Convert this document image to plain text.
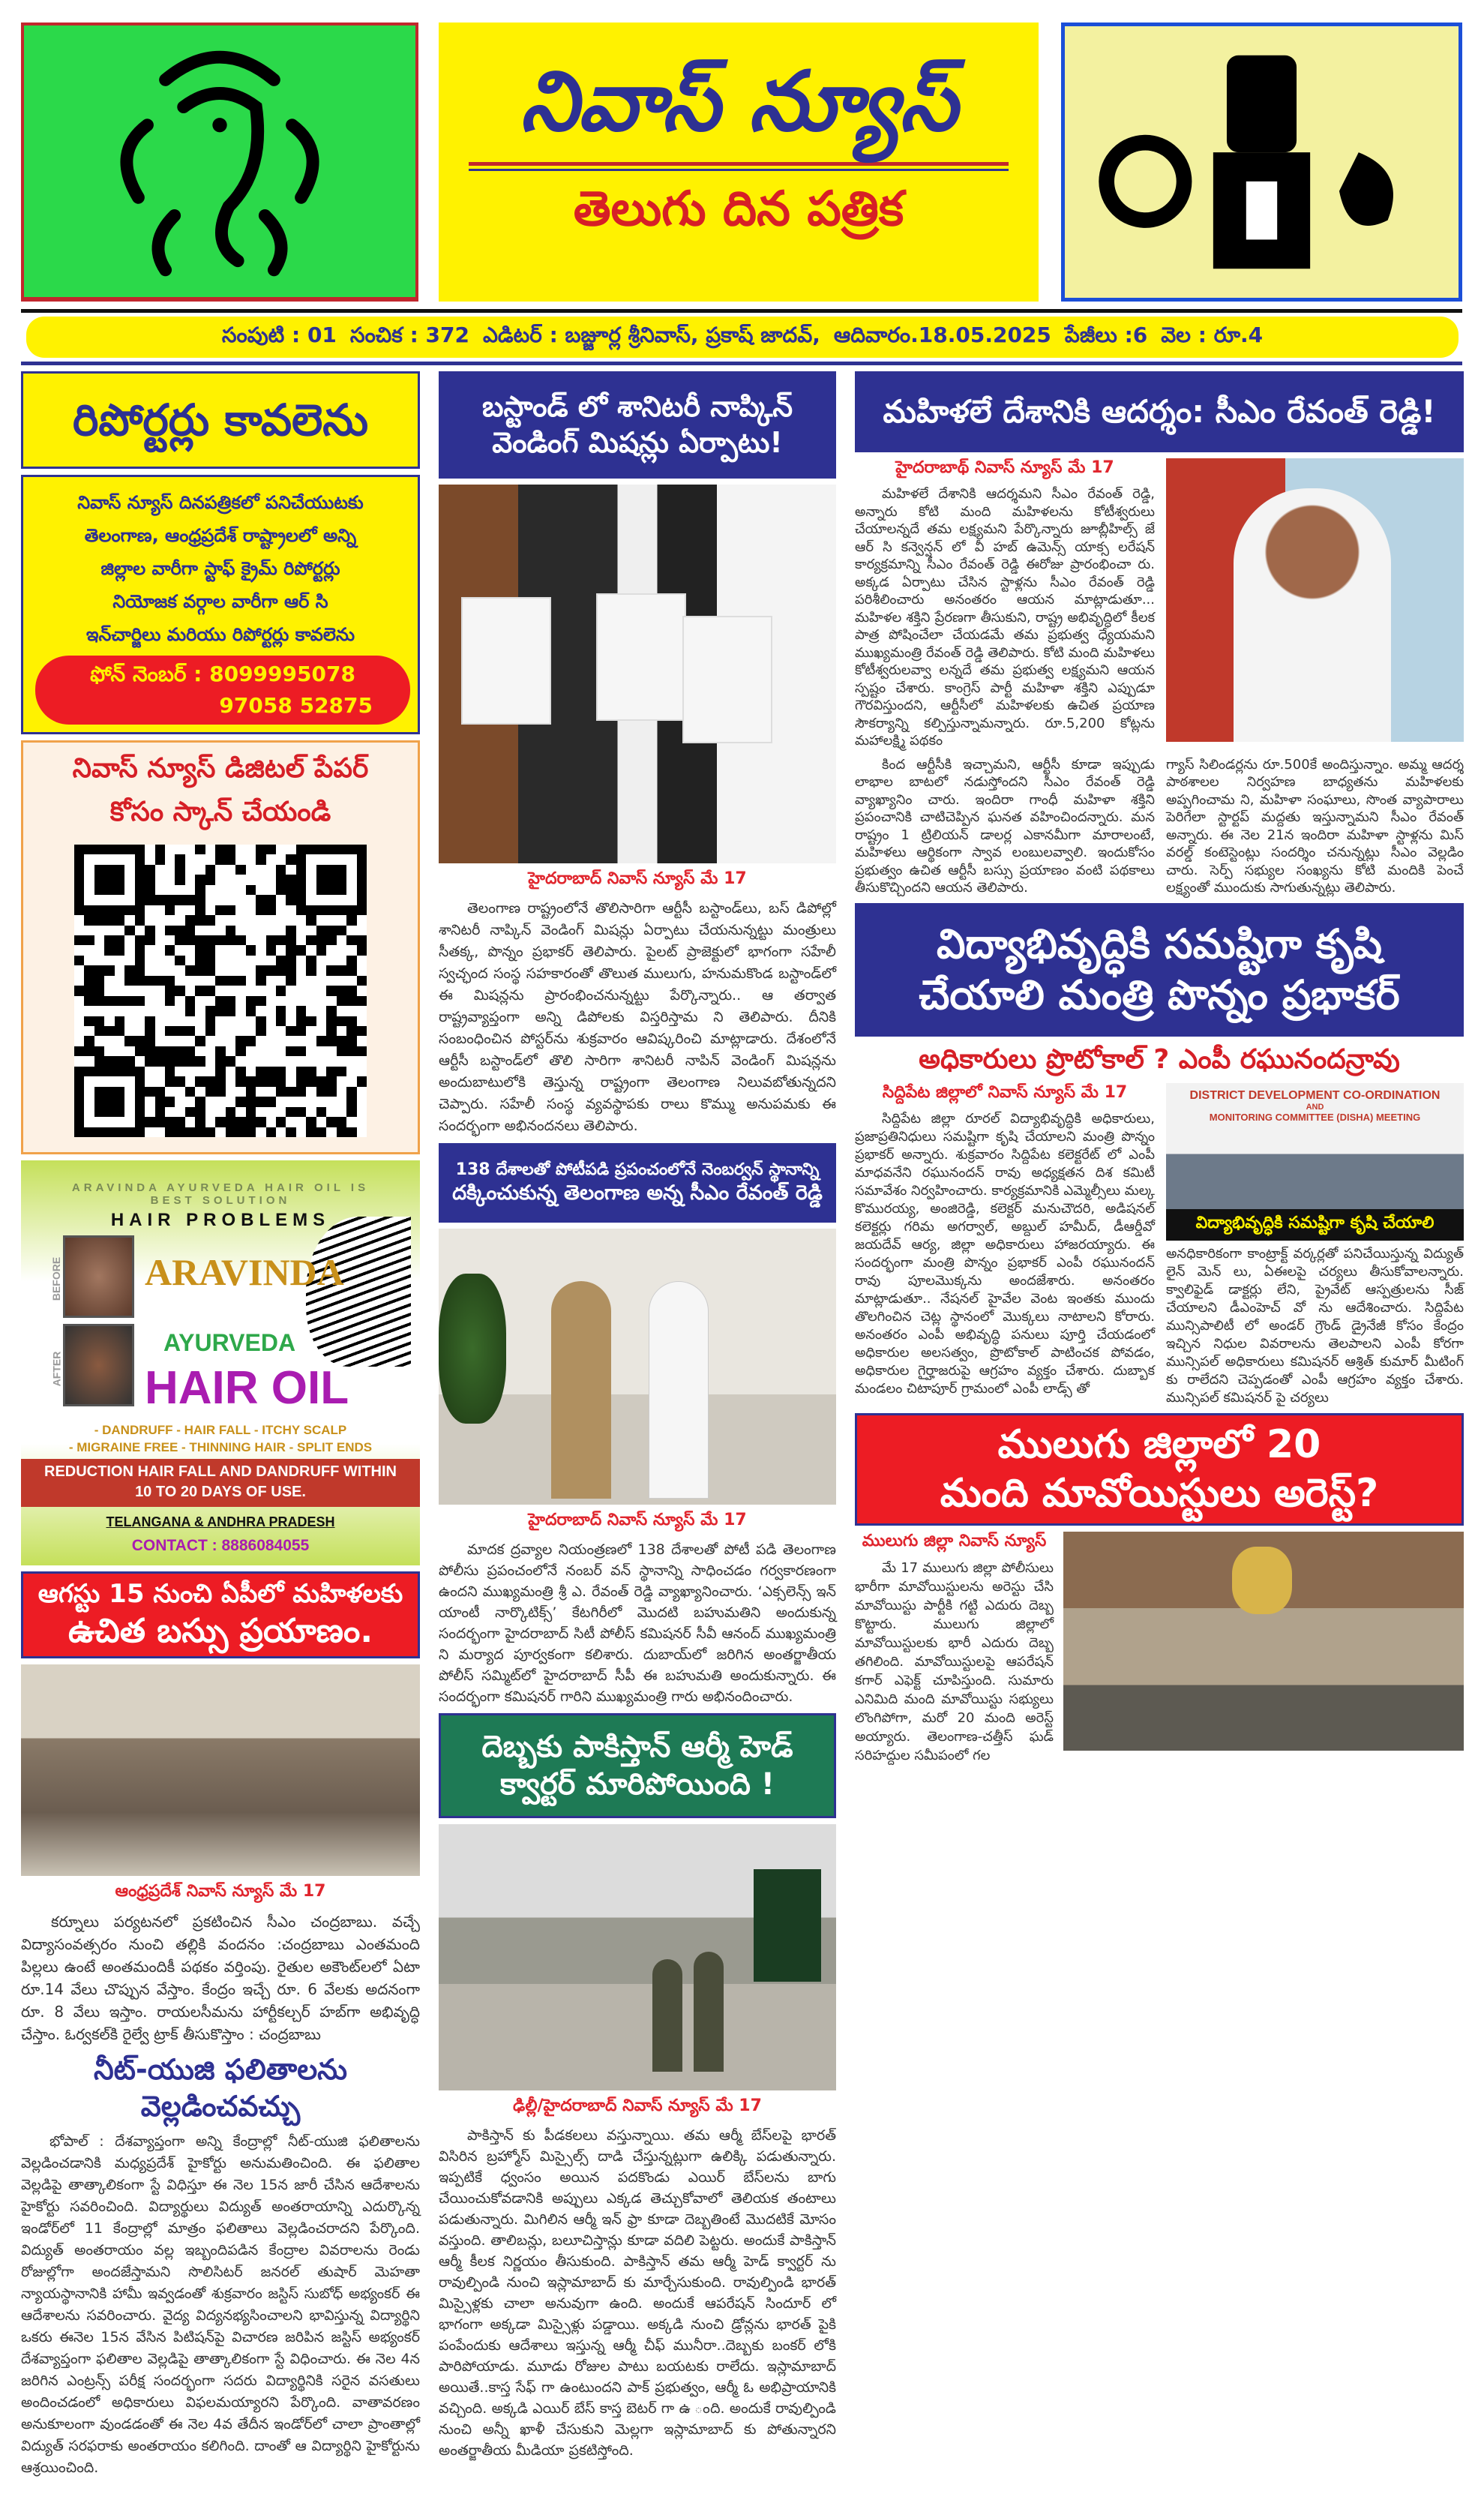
నివాస్ న్యూస్
తెలుగు దిన పత్రిక
సంపుటి : 01 సంచిక : 372 ఎడిటర్ : బజ్జూర్ల శ్రీనివాస్, ప్రకాష్ జాదవ్, ఆదివారం.18.05.2025 పేజీలు :6 వెల : రూ.4
రిపోర్టర్లు కావలెను
నివాస్ న్యూస్ దినపత్రికలో పనిచేయుటకు
తెలంగాణ, ఆంధ్రప్రదేశ్ రాష్ట్రాలలో అన్ని
జిల్లాల వారీగా స్టాఫ్ క్రైమ్ రిపోర్టర్లు
నియోజక వర్గాల వారీగా ఆర్ సి
ఇన్‌చార్జిలు మరియు రిపోర్టర్లు కావలెను
ఫోన్ నెంబర్ : 8099995078
97058 52875
నివాస్ న్యూస్ డిజిటల్ పేపర్
కోసం స్కాన్ చేయండి
ARAVINDA AYURVEDA HAIR OIL IS
BEST SOLUTION
HAIR PROBLEMS
BEFORE
AFTER
ARAVINDA
AYURVEDA
HAIR OIL
- DANDRUFF - HAIR FALL - ITCHY SCALP
- MIGRAINE FREE - THINNING HAIR - SPLIT ENDS
REDUCTION HAIR FALL AND DANDRUFF WITHIN 10 TO 20 DAYS OF USE.
TELANGANA & ANDHRA PRADESH
CONTACT : 8886084055
ఆగస్టు 15 నుంచి ఏపీలో మహిళలకు
ఉచిత బస్సు ప్రయాణం.
ఆంధ్రప్రదేశ్ నివాస్ న్యూస్ మే 17
కర్నూలు పర్యటనలో ప్రకటించిన సీఎం చంద్రబాబు. వచ్చే విద్యాసంవత్సరం నుంచి తల్లికి వందనం :చంద్రబాబు ఎంతమంది పిల్లలు ఉంటే అంతమందికీ పథకం వర్తింపు. రైతుల అకౌంట్‌లలో ఏటా రూ.14 వేలు చొప్పున వేస్తాం. కేంద్రం ఇచ్చే రూ. 6 వేలకు అదనంగా రూ. 8 వేలు ఇస్తాం. రాయలసీమను హార్టీకల్చర్ హబ్‌గా అభివృద్ధి చేస్తాం. ఓర్వకల్‌కి రైల్వే ట్రాక్ తీసుకొస్తాం : చంద్రబాబు
నీట్-యుజి ఫలితాలను వెల్లడించవచ్చు
భోపాల్ : దేశవ్యాప్తంగా అన్ని కేంద్రాల్లో నీట్-యుజి ఫలితాలను వెల్లడించడానికి మధ్యప్రదేశ్ హైకోర్టు అనుమతించింది. ఈ ఫలితాల వెల్లడిపై తాత్కాలికంగా స్టే విధిస్తూ ఈ నెల 15న జారీ చేసిన ఆదేశాలను హైకోర్టు సవరించింది. విద్యార్థులు విద్యుత్ అంతరాయాన్ని ఎదుర్కొన్న ఇండోర్‌లో 11 కేంద్రాల్లో మాత్రం ఫలితాలు వెల్లడించరాదని పేర్కొంది. విద్యుత్ అంతరాయం వల్ల ఇబ్బందిపడిన కేంద్రాల వివరాలను రెండు రోజుల్లోగా అందజేస్తామని సొలిసిటర్ జనరల్ తుషార్ మెహతా న్యాయస్థానానికి హామీ ఇవ్వడంతో శుక్రవారం జస్టిస్ సుబోధ్ అభ్యంకర్ ఈ ఆదేశాలను సవరించారు. వైద్య విద్యనభ్యసించాలని భావిస్తున్న విద్యార్థిని ఒకరు ఈనెల 15న వేసిన పిటిషన్‌పై విచారణ జరిపిన జస్టిస్ అభ్యంకర్ దేశవ్యాప్తంగా ఫలితాల వెల్లడిపై తాత్కాలికంగా స్టే విధించారు. ఈ నెల 4న జరిగిన ఎంట్రన్స్ పరీక్ష సందర్భంగా సదరు విద్యార్థినికి సరైన వసతులు అందించడంలో అధికారులు విఫలమయ్యారని పేర్కొంది. వాతావరణం అనుకూలంగా వుండడంతో ఈ నెల 4వ తేదీన ఇండోర్‌లో చాలా ప్రాంతాల్లో విద్యుత్ సరఫరాకు అంతరాయం కలిగింది. దాంతో ఆ విద్యార్థిని హైకోర్టును ఆశ్రయించింది.
బస్టాండ్ లో శానిటరీ నాప్కిన్
వెండింగ్ మిషన్లు ఏర్పాటు!
హైదరాబాద్ నివాస్ న్యూస్ మే 17
తెలంగాణ రాష్ట్రంలోనే తొలిసారిగా ఆర్టీసీ బస్టాండ్‌లు, బస్ డిపోల్లో శానిటరీ నాప్కిన్ వెండింగ్ మిషన్లు ఏర్పాటు చేయనున్నట్టు మంత్రులు సీతక్క, పొన్నం ప్రభాకర్ తెలిపారు. పైలట్ ప్రాజెక్టులో భాగంగా సహేలీ స్వచ్ఛంద సంస్థ సహకారంతో తొలుత ములుగు, హనుమకొండ బస్టాండ్‌లో ఈ మిషన్లను ప్రారంభించనున్నట్టు పేర్కొన్నారు.. ఆ తర్వాత రాష్ట్రవ్యాప్తంగా అన్ని డిపోలకు విస్తరిస్తామ ని తెలిపారు. దీనికి సంబంధించిన పోస్టర్‌ను శుక్రవారం ఆవిష్కరించి మాట్లాడారు. దేశంలోనే ఆర్టీసీ బస్టాండ్‌లో తొలి సారిగా శానిటరీ నాపిన్ వెండింగ్ మిషన్లను అందుబాటులోకి తెస్తున్న రాష్ట్రంగా తెలంగాణ నిలువబోతున్నదని చెప్పారు. సహేలీ సంస్థ వ్యవస్థాపకు రాలు కొమ్ము అనుపమకు ఈ సందర్భంగా అభినందనలు తెలిపారు.
138 దేశాలతో పోటీపడి ప్రపంచంలోనే నెంబర్వన్ స్థానాన్ని
దక్కించుకున్న తెలంగాణ అన్న సీఎం రేవంత్ రెడ్డి
హైదరాబాద్ నివాస్ న్యూస్ మే 17
మాదక ద్రవ్యాల నియంత్రణలో 138 దేశాలతో పోటీ పడి తెలంగాణ పోలీసు ప్రపంచంలోనే నంబర్ వన్ స్థానాన్ని సాధించడం గర్వకారణంగా ఉందని ముఖ్యమంత్రి శ్రీ ఎ. రేవంత్ రెడ్డి వ్యాఖ్యానించారు. ‘ఎక్సలెన్స్ ఇన్ యాంటీ నార్కొటిక్స్’ కేటగిరీలో మొదటి బహుమతిని అందుకున్న సందర్భంగా హైదరాబాద్ సిటీ పోలీస్ కమిషనర్ సీవీ ఆనంద్ ముఖ్యమంత్రి ని మర్యాద పూర్వకంగా కలిశారు. దుబాయ్‌లో జరిగిన అంతర్జాతీయ పోలీస్ సమ్మిట్‌లో హైదరాబాద్ సీపీ ఈ బహుమతి అందుకున్నారు. ఈ సందర్భంగా కమిషనర్ గారిని ముఖ్యమంత్రి గారు అభినందించారు.
దెబ్బకు పాకిస్తాన్ ఆర్మీ హెడ్
క్వార్టర్ మారిపోయింది !
ఢిల్లీ/హైదరాబాద్ నివాస్ న్యూస్ మే 17
పాకిస్తాన్ కు పీడకలలు వస్తున్నాయి. తమ ఆర్మీ బేస్‌లపై భారత్ విసిరిన బ్రహ్మోస్ మిస్సైల్స్ దాడి చేస్తున్నట్లుగా ఉలిక్కి పడుతున్నారు. ఇప్పటికే ధ్వంసం అయిన పదకొండు ఎయిర్ బేస్‌లను బాగు చేయించుకోవడానికి అప్పులు ఎక్కడ తెచ్చుకోవాలో తెలియక తంటాలు పడుతున్నారు. మిగిలిన ఆర్మీ ఇన్ ఫ్రా కూడా దెబ్బతింటే మొదటికే మోసం వస్తుంది. తాలిబన్లు, బలూచిస్తాన్లు కూడా వదిలి పెట్టరు. అందుకే పాకిస్తాన్ ఆర్మీ కీలక నిర్ణయం తీసుకుంది. పాకిస్తాన్ తమ ఆర్మీ హెడ్ క్వార్టర్ ను రావుల్పిండి నుంచి ఇస్లామాబాద్ కు మార్చేసుకుంది. రావుల్పిండి భారత్ మిస్సైళ్లకు చాలా అనువుగా ఉంది. అందుకే ఆపరేషన్ సిందూర్ లో భాగంగా అక్కడా మిస్సైళ్లు పడ్డాయి. అక్కడి నుంచి డ్రోన్లను భారత్ పైకి పంపేందుకు ఆదేశాలు ఇస్తున్న ఆర్మీ చీఫ్ మునీరా..దెబ్బకు బంకర్ లోకి పారిపోయాడు. మూడు రోజుల పాటు బయటకు రాలేదు. ఇస్లామాబాద్ అయితే..కాస్త సేఫ్ గా ఉంటుందని పాక్ ప్రభుత్వం, ఆర్మీ ఓ అభిప్రాయానికి వచ్చింది. అక్కడి ఎయిర్ బేస్ కాస్త బెటర్ గా ఉ ంది. అందుకే రావుల్పిండి నుంచి అన్నీ ఖాళీ చేసుకుని మెల్లగా ఇస్లామాబాద్ కు పోతున్నారని అంతర్జాతీయ మీడియా ప్రకటిస్తోంది.
మహిళలే దేశానికి ఆదర్శం: సీఎం రేవంత్ రెడ్డి!
హైదరాబాథ్ నివాస్ న్యూస్ మే 17
మహిళలే దేశానికి ఆదర్శమని సీఎం రేవంత్ రెడ్డి, అన్నారు కోటి మంది మహిళలను కోటీశ్వరులు చేయాలన్నదే తమ లక్ష్యమని పేర్కొన్నారు జూబ్లీహిల్స్ జే ఆర్ సి కన్వెన్షన్ లో వీ హబ్ ఉమెన్స్ యాక్స లరేషన్ కార్యక్రమాన్ని సీఎం రేవంత్ రెడ్డి ఈరోజు ప్రారంభించా రు. అక్కడ ఏర్పాటు చేసిన స్టాళ్లను సీఎం రేవంత్ రెడ్డి పరిశీలించారు అనంతరం ఆయన మాట్లాడుతూ... మహిళల శక్తిని ప్రేరణగా తీసుకుని, రాష్ట్ర అభివృద్ధిలో కీలక పాత్ర పోషించేలా చేయడమే తమ ప్రభుత్వ ధ్యేయమని ముఖ్యమంత్రి రేవంత్ రెడ్డి తెలిపారు. కోటి మంది మహిళలు కోటీశ్వరులవ్వా లన్నదే తమ ప్రభుత్వ లక్ష్యమని ఆయన స్పష్టం చేశారు. కాంగ్రెస్ పార్టీ మహిళా శక్తిని ఎప్పుడూ గౌరవిస్తుందని, ఆర్టీసీలో మహిళలకు ఉచిత ప్రయాణ సౌకర్యాన్ని కల్పిస్తున్నామన్నారు. రూ.5,200 కోట్లను మహాలక్ష్మి పథకం
కింద ఆర్టీసీకి ఇచ్చామని, ఆర్టీసీ కూడా ఇప్పుడు లాభాల బాటలో నడుస్తోందని సీఎం రేవంత్ రెడ్డి వ్యాఖ్యానిం చారు. ఇందిరా గాంధీ మహిళా శక్తిని ప్రపంచానికి చాటిచెప్పిన ఘనత వహించిందన్నారు. మన రాష్ట్రం 1 ట్రిలియన్ డాలర్ల ఎకానమీగా మారాలంటే, మహిళలు ఆర్థికంగా స్వావ లంబులవ్వాలి. ఇందుకోసం ప్రభుత్వం ఉచిత ఆర్టీసీ బస్సు ప్రయాణం వంటి పథకాలు తీసుకొచ్చిందని ఆయన తెలిపారు.
గ్యాస్ సిలిండర్లను రూ.500కే అందిస్తున్నాం. అమ్మ ఆదర్శ పాఠశాలల నిర్వహణ బాధ్యతను మహిళలకు అప్పగించామ ని, మహిళా సంఘాలు, సొంత వ్యాపారాలు పెరిగేలా స్టార్టప్ మద్దతు ఇస్తున్నామని సీఎం రేవంత్ అన్నారు. ఈ నెల 21న ఇందిరా మహిళా స్టాళ్లను మిస్ వరల్డ్ కంటెస్టెంట్లు సందర్శిం చనున్నట్లు సీఎం వెల్లడిం చారు. సెర్ప్ సభ్యుల సంఖ్యను కోటి మందికి పెంచే లక్ష్యంతో ముందుకు సాగుతున్నట్లు తెలిపారు.
విద్యాభివృద్ధికి సమష్టిగా కృషి
చేయాలి మంత్రి పొన్నం ప్రభాకర్
అధికారులు ప్రొటోకాల్ ? ఎంపీ రఘునందన్రావు
సిద్దిపేట జిల్లాలో నివాస్ న్యూస్ మే 17
సిద్దిపేట జిల్లా రూరల్ విద్యాభివృద్ధికి అధికారులు, ప్రజాప్రతినిధులు సమష్టిగా కృషి చేయాలని మంత్రి పొన్నం ప్రభాకర్ అన్నారు. శుక్రవారం సిద్దిపేట కలెక్టరేట్ లో ఎంపీ మాధవనేని రఘునందన్ రావు అధ్యక్షతన దిశ కమిటీ సమావేశం నిర్వహించారు. కార్యక్రమానికి ఎమ్మెల్సీలు మల్క కొమురయ్య, అంజిరెడ్డి, కలెక్టర్ మనుచౌదరి, అడిషనల్ కలెక్టర్లు గరిమ అగర్వాల్, అబ్దుల్ హమీద్, డీఆర్డీవో జయదేవ్ ఆర్య, జిల్లా అధికారులు హాజరయ్యారు. ఈ సందర్భంగా మంత్రి పొన్నం ప్రభాకర్ ఎంపీ రఘునందన్ రావు పూలమొక్కను అందజేశారు. అనంతరం మాట్లాడుతూ.. నేషనల్ హైవేల వెంట ఇంతకు ముందు తొలగించిన చెట్ల స్థానంలో మొక్కలు నాటాలని కోరారు. అనంతరం ఎంపీ అభివృద్ధి పనులు పూర్తి చేయడంలో అధికారుల అలసత్వం, ప్రొటోకాల్ పాటించక పోవడం, అధికారుల గైర్హాజరుపై ఆగ్రహం వ్యక్తం చేశారు. దుబ్బాక మండలం చిటాపూర్ గ్రామంలో ఎంపీ లాడ్స్ తో
DISTRICT DEVELOPMENT CO-ORDINATION
AND
MONITORING COMMITTEE (DISHA) MEETING
విద్యాభివృద్ధికి సమష్టిగా కృషి చేయాలి
అనధికారికంగా కాంట్రాక్ట్ వర్కర్లతో పనిచేయిస్తున్న విద్యుత్ లైన్ మెన్ లు, ఏఈలపై చర్యలు తీసుకోవాలన్నారు. క్వాలిఫైడ్ డాక్టర్లు లేని, ప్రైవేట్ ఆస్పత్రులను సీజ్ చేయాలని డీఎంహెచ్ వో ను ఆదేశించారు. సిద్దిపేట మున్సిపాలిటీ లో అండర్ గ్రౌండ్ డ్రైనేజీ కోసం కేంద్రం ఇచ్చిన నిధుల వివరాలను తెలపాలని ఎంపీ కోరగా మున్సిపల్ అధికారులు కమిషనర్ ఆశ్రిత్ కుమార్ మీటింగ్ కు రాలేదని చెప్పడంతో ఎంపీ ఆగ్రహం వ్యక్తం చేశారు. మున్సిపల్ కమిషనర్ పై చర్యలు
ములుగు జిల్లాలో 20
మంది మావోయిస్టులు అరెస్ట్?
ములుగు జిల్లా నివాస్ న్యూస్
మే 17 ములుగు జిల్లా పోలీసులు భారీగా మావోయిస్టులను అరెస్టు చేసి మావోయిస్టు పార్టీకి గట్టి ఎదురు దెబ్బ కొట్టారు. ములుగు జిల్లాలో మావోయిస్టులకు భారీ ఎదురు దెబ్బ తగిలింది. మావోయిస్టులపై ఆపరేషన్ కగార్ ఎఫెక్ట్ చూపిస్తుంది. సుమారు ఎనిమిది మంది మావోయిస్టు సభ్యులు లొంగిపోగా, మరో 20 మంది అరెస్ట్ అయ్యారు. తెలంగాణ-చత్తీస్ ఘడ్ సరిహద్దుల సమీపంలో గల
